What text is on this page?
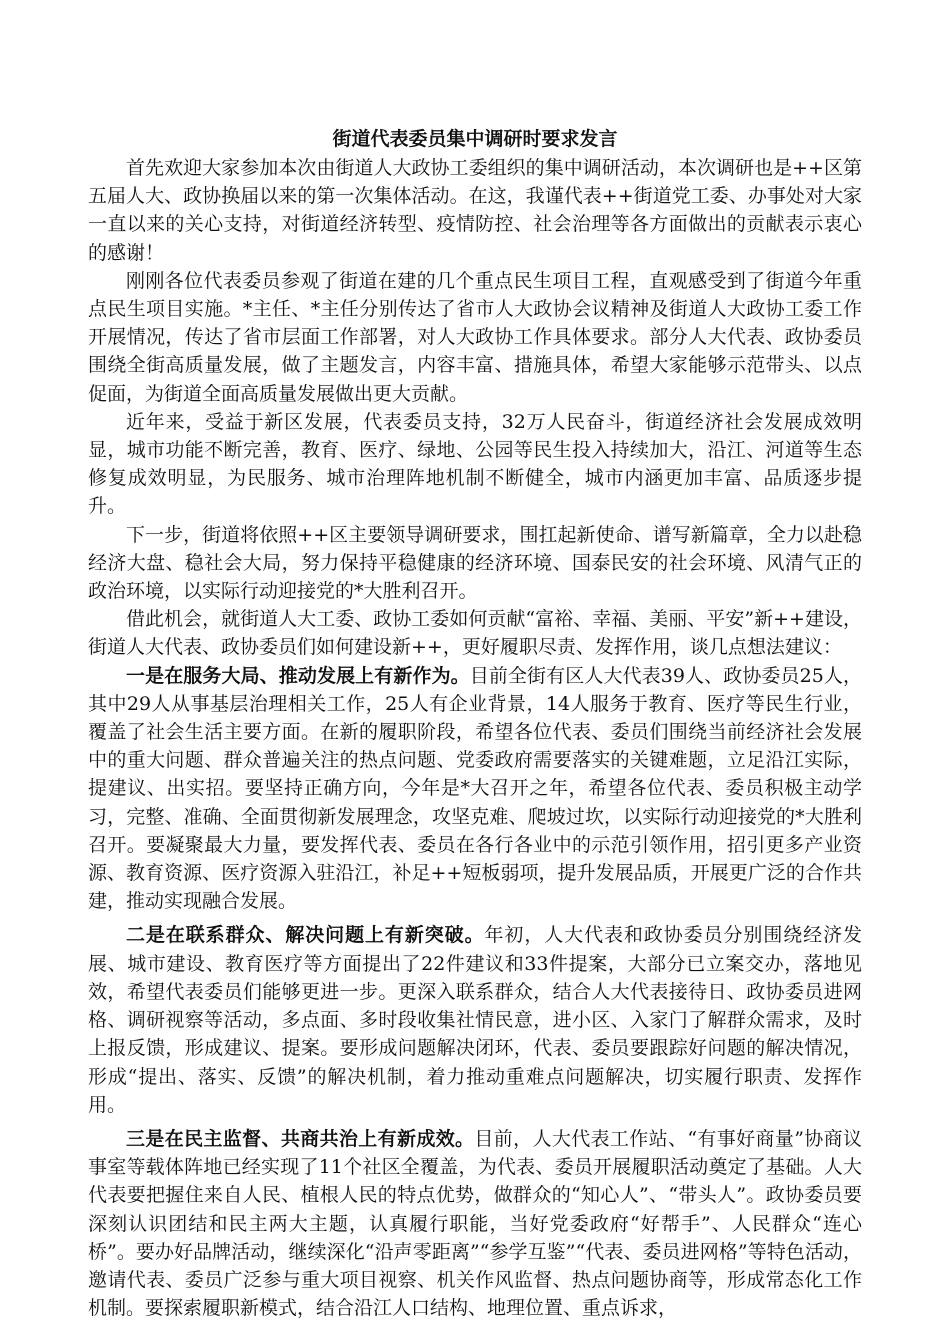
街道代表委员集中调研时要求发言

首先欢迎大家参加本次由街道人大政协工委组织的集中调研活动，本次调研也是++区第五届人大、政协换届以来的第一次集体活动。在这，我谨代表++街道党工委、办事处对大家一直以来的关心支持，对街道经济转型、疫情防控、社会治理等各方面做出的贡献表示衷心的感谢！

刚刚各位代表委员参观了街道在建的几个重点民生项目工程，直观感受到了街道今年重点民生项目实施。*主任、*主任分别传达了省市人大政协会议精神及街道人大政协工委工作开展情况，传达了省市层面工作部署，对人大政协工作具体要求。部分人大代表、政协委员围绕全街高质量发展，做了主题发言，内容丰富、措施具体，希望大家能够示范带头、以点促面，为街道全面高质量发展做出更大贡献。

近年来，受益于新区发展，代表委员支持，32万人民奋斗，街道经济社会发展成效明显，城市功能不断完善，教育、医疗、绿地、公园等民生投入持续加大，沿江、河道等生态修复成效明显，为民服务、城市治理阵地机制不断健全，城市内涵更加丰富、品质逐步提升。

下一步，街道将依照++区主要领导调研要求，围扛起新使命、谱写新篇章，全力以赴稳经济大盘、稳社会大局，努力保持平稳健康的经济环境、国泰民安的社会环境、风清气正的政治环境，以实际行动迎接党的*大胜利召开。

借此机会，就街道人大工委、政协工委如何贡献“富裕、幸福、美丽、平安”新++建设，街道人大代表、政协委员们如何建设新++，更好履职尽责、发挥作用，谈几点想法建议：

一是在服务大局、推动发展上有新作为。目前全街有区人大代表39人、政协委员25人，其中29人从事基层治理相关工作，25人有企业背景，14人服务于教育、医疗等民生行业，覆盖了社会生活主要方面。在新的履职阶段，希望各位代表、委员们围绕当前经济社会发展中的重大问题、群众普遍关注的热点问题、党委政府需要落实的关键难题，立足沿江实际，提建议、出实招。要坚持正确方向，今年是*大召开之年，希望各位代表、委员积极主动学习，完整、准确、全面贯彻新发展理念，攻坚克难、爬坡过坎，以实际行动迎接党的*大胜利召开。要凝聚最大力量，要发挥代表、委员在各行各业中的示范引领作用，招引更多产业资源、教育资源、医疗资源入驻沿江，补足++短板弱项，提升发展品质，开展更广泛的合作共建，推动实现融合发展。

二是在联系群众、解决问题上有新突破。年初，人大代表和政协委员分别围绕经济发展、城市建设、教育医疗等方面提出了22件建议和33件提案，大部分已立案交办，落地见效，希望代表委员们能够更进一步。更深入联系群众，结合人大代表接待日、政协委员进网格、调研视察等活动，多点面、多时段收集社情民意，进小区、入家门了解群众需求，及时上报反馈，形成建议、提案。要形成问题解决闭环，代表、委员要跟踪好问题的解决情况，形成“提出、落实、反馈”的解决机制，着力推动重难点问题解决，切实履行职责、发挥作用。

三是在民主监督、共商共治上有新成效。目前，人大代表工作站、“有事好商量”协商议事室等载体阵地已经实现了11个社区全覆盖，为代表、委员开展履职活动奠定了基础。人大代表要把握住来自人民、植根人民的特点优势，做群众的“知心人”、“带头人”。政协委员要深刻认识团结和民主两大主题，认真履行职能，当好党委政府“好帮手”、人民群众“连心桥”。要办好品牌活动，继续深化“沿声零距离”“参学互鉴”“代表、委员进网格”等特色活动，邀请代表、委员广泛参与重大项目视察、机关作风监督、热点问题协商等，形成常态化工作机制。要探索履职新模式，结合沿江人口结构、地理位置、重点诉求，
